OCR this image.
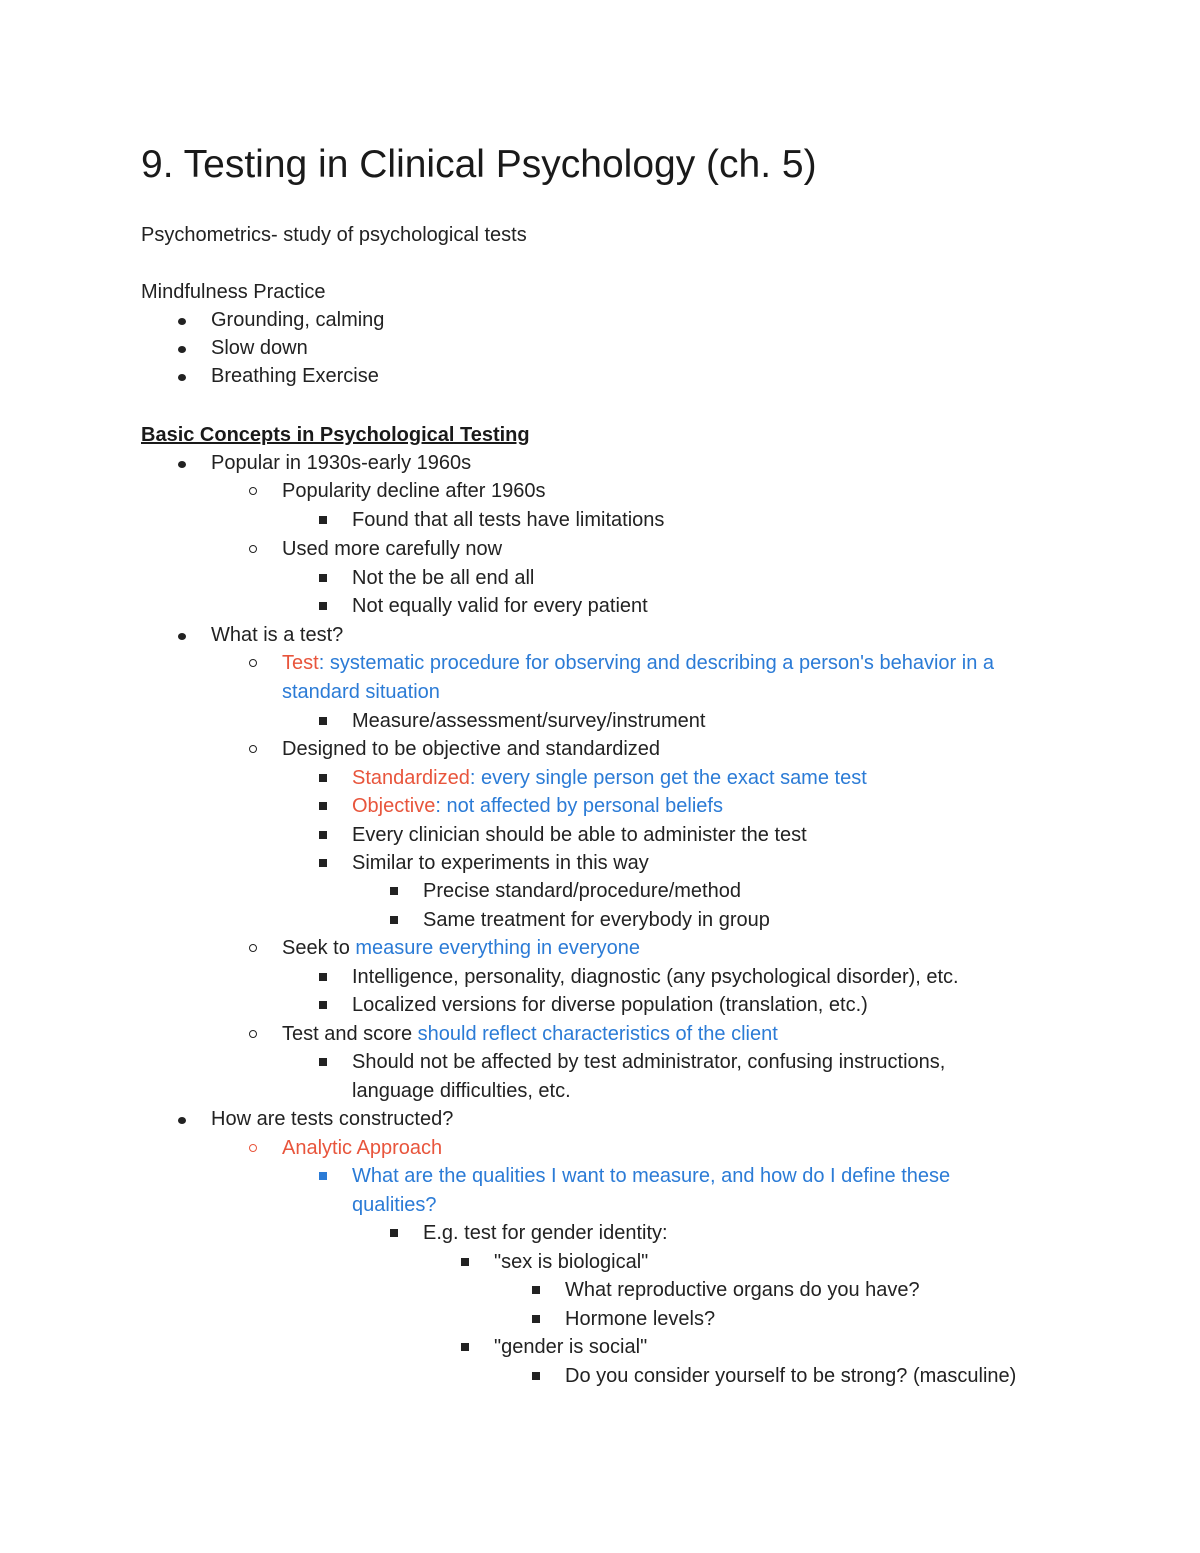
9. Testing in Clinical Psychology (ch. 5)
Psychometrics- study of psychological tests
Mindfulness Practice
Grounding, calming
Slow down
Breathing Exercise
Basic Concepts in Psychological Testing
Popular in 1930s-early 1960s
Popularity decline after 1960s
Found that all tests have limitations
Used more carefully now
Not the be all end all
Not equally valid for every patient
What is a test?
Test: systematic procedure for observing and describing a person's behavior in a
standard situation
Measure/assessment/survey/instrument
Designed to be objective and standardized
Standardized: every single person get the exact same test
Objective: not affected by personal beliefs
Every clinician should be able to administer the test
Similar to experiments in this way
Precise standard/procedure/method
Same treatment for everybody in group
Seek to measure everything in everyone
Intelligence, personality, diagnostic (any psychological disorder), etc.
Localized versions for diverse population (translation, etc.)
Test and score should reflect characteristics of the client
Should not be affected by test administrator, confusing instructions,
language difficulties, etc.
How are tests constructed?
Analytic Approach
What are the qualities I want to measure, and how do I define these
qualities?
E.g. test for gender identity:
"sex is biological"
What reproductive organs do you have?
Hormone levels?
"gender is social"
Do you consider yourself to be strong? (masculine)
